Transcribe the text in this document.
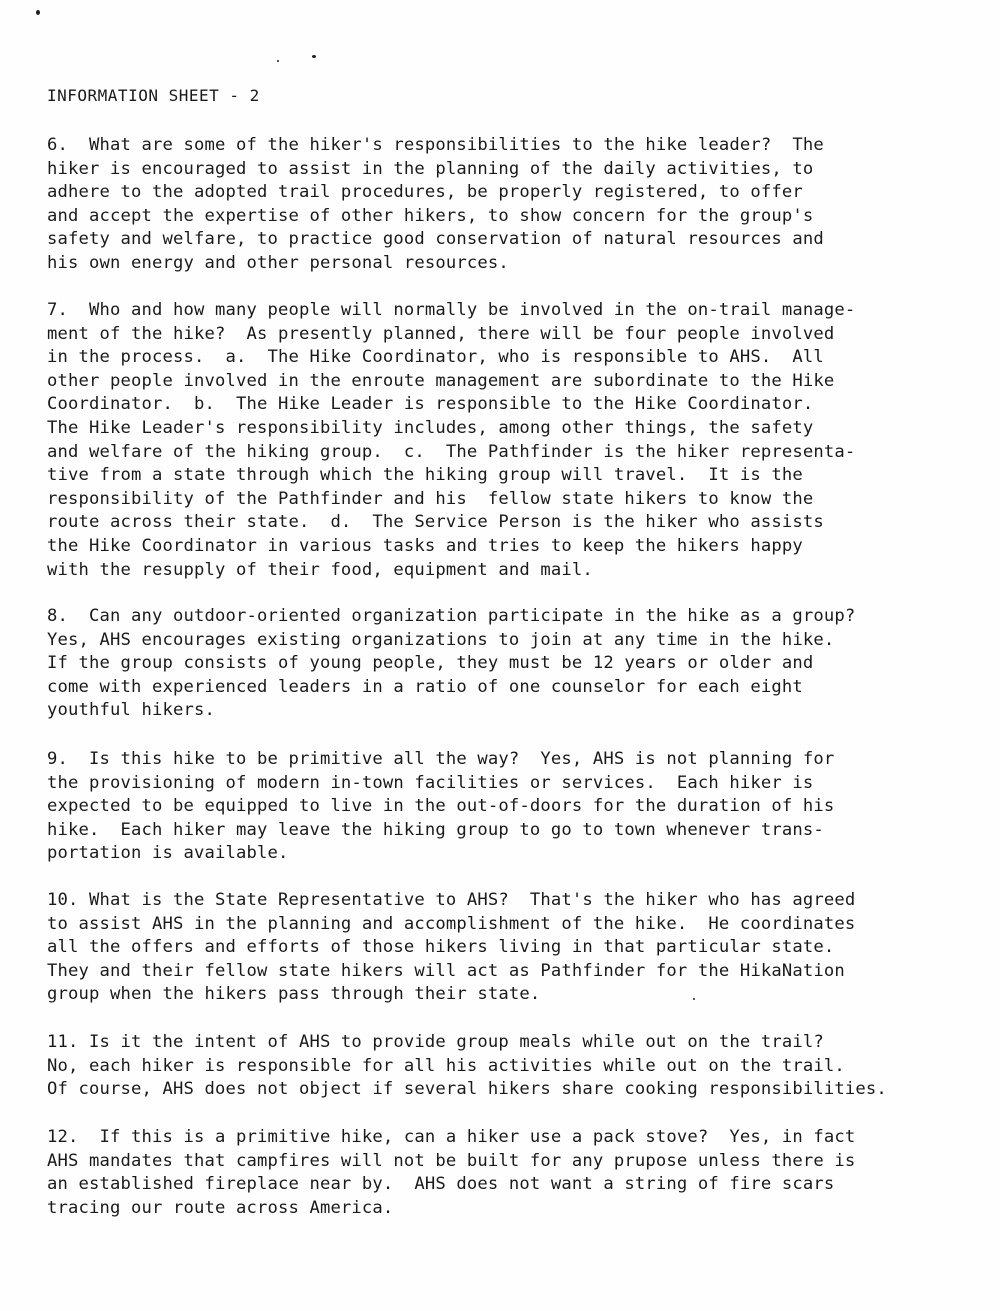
INFORMATION SHEET - 2
6.  What are some of the hiker's responsibilities to the hike leader?  The
hiker is encouraged to assist in the planning of the daily activities, to
adhere to the adopted trail procedures, be properly registered, to offer
and accept the expertise of other hikers, to show concern for the group's
safety and welfare, to practice good conservation of natural resources and
his own energy and other personal resources.
7.  Who and how many people will normally be involved in the on-trail manage-
ment of the hike?  As presently planned, there will be four people involved
in the process.  a.  The Hike Coordinator, who is responsible to AHS.  All
other people involved in the enroute management are subordinate to the Hike
Coordinator.  b.  The Hike Leader is responsible to the Hike Coordinator.
The Hike Leader's responsibility includes, among other things, the safety
and welfare of the hiking group.  c.  The Pathfinder is the hiker representa-
tive from a state through which the hiking group will travel.  It is the
responsibility of the Pathfinder and his  fellow state hikers to know the
route across their state.  d.  The Service Person is the hiker who assists
the Hike Coordinator in various tasks and tries to keep the hikers happy
with the resupply of their food, equipment and mail.
8.  Can any outdoor-oriented organization participate in the hike as a group?
Yes, AHS encourages existing organizations to join at any time in the hike.
If the group consists of young people, they must be 12 years or older and
come with experienced leaders in a ratio of one counselor for each eight
youthful hikers.
9.  Is this hike to be primitive all the way?  Yes, AHS is not planning for
the provisioning of modern in-town facilities or services.  Each hiker is
expected to be equipped to live in the out-of-doors for the duration of his
hike.  Each hiker may leave the hiking group to go to town whenever trans-
portation is available.
10. What is the State Representative to AHS?  That's the hiker who has agreed
to assist AHS in the planning and accomplishment of the hike.  He coordinates
all the offers and efforts of those hikers living in that particular state.
They and their fellow state hikers will act as Pathfinder for the HikaNation
group when the hikers pass through their state.
11. Is it the intent of AHS to provide group meals while out on the trail?
No, each hiker is responsible for all his activities while out on the trail.
Of course, AHS does not object if several hikers share cooking responsibilities.
12.  If this is a primitive hike, can a hiker use a pack stove?  Yes, in fact
AHS mandates that campfires will not be built for any prupose unless there is
an established fireplace near by.  AHS does not want a string of fire scars
tracing our route across America.
